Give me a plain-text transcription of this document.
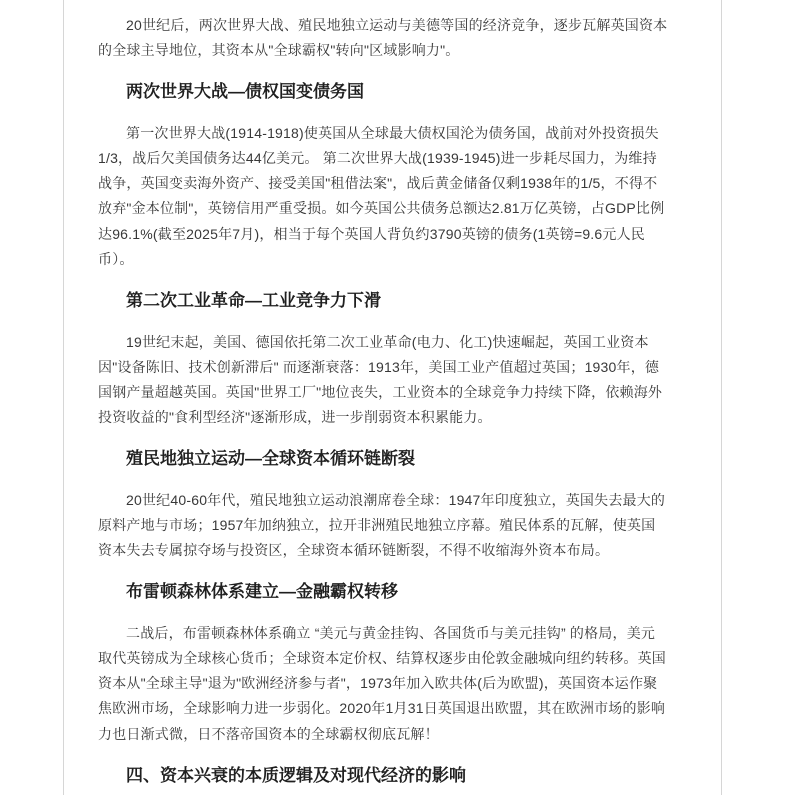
20世纪后，两次世界大战、殖民地独立运动与美德等国的经济竞争，逐步瓦解英国资本的全球主导地位，其资本从"全球霸权"转向"区域影响力"。

两次世界大战—债权国变债务国

第一次世界大战(1914-1918)使英国从全球最大债权国沦为债务国，战前对外投资损失1/3，战后欠美国债务达44亿美元。 第二次世界大战(1939-1945)进一步耗尽国力，为维持战争，英国变卖海外资产、接受美国"租借法案"，战后黄金储备仅剩1938年的1/5，不得不放弃"金本位制"，英镑信用严重受损。如今英国公共债务总额达2.81万亿英镑，占GDP比例达96.1%(截至2025年7月)，相当于每个英国人背负约3790英镑的债务(1英镑=9.6元人民币）。

第二次工业革命—工业竞争力下滑

19世纪末起，美国、德国依托第二次工业革命(电力、化工)快速崛起，英国工业资本因"设备陈旧、技术创新滞后" 而逐渐衰落：1913年，美国工业产值超过英国；1930年，德国钢产量超越英国。英国"世界工厂"地位丧失，工业资本的全球竞争力持续下降，依赖海外投资收益的"食利型经济"逐渐形成，进一步削弱资本积累能力。

殖民地独立运动—全球资本循环链断裂

20世纪40-60年代，殖民地独立运动浪潮席卷全球：1947年印度独立，英国失去最大的原料产地与市场；1957年加纳独立，拉开非洲殖民地独立序幕。殖民体系的瓦解，使英国资本失去专属掠夺场与投资区，全球资本循环链断裂，不得不收缩海外资本布局。

布雷顿森林体系建立—金融霸权转移

二战后，布雷顿森林体系确立 “美元与黄金挂钩、各国货币与美元挂钩” 的格局，美元取代英镑成为全球核心货币；全球资本定价权、结算权逐步由伦敦金融城向纽约转移。英国资本从"全球主导"退为"欧洲经济参与者"，1973年加入欧共体(后为欧盟)，英国资本运作聚焦欧洲市场，全球影响力进一步弱化。2020年1月31日英国退出欧盟，其在欧洲市场的影响力也日渐式微，日不落帝国资本的全球霸权彻底瓦解！

四、资本兴衰的本质逻辑及对现代经济的影响
